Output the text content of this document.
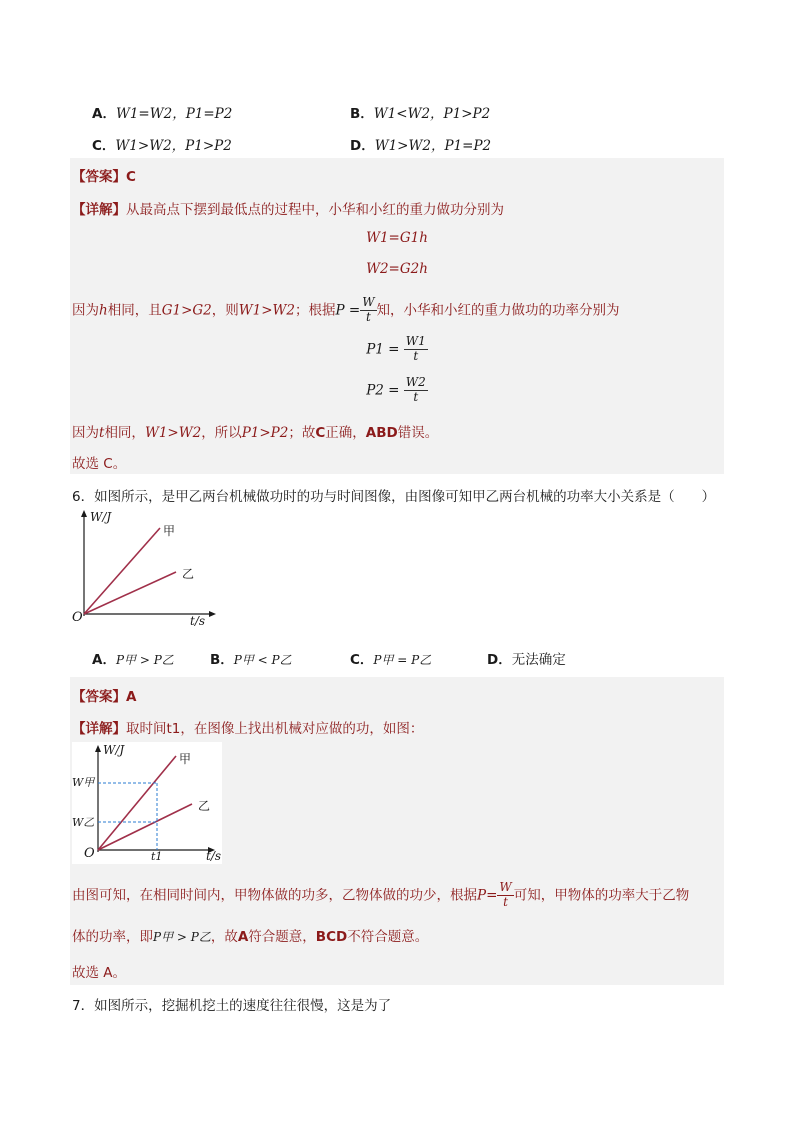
A．W1=W2，P1=P2	B．W1<W2，P1>P2
C．W1>W2，P1>P2	D．W1>W2，P1=P2
【答案】C
【详解】从最高点下摆到最低点的过程中，小华和小红的重力做功分别为
W1=G1h
W2=G2h
因为h相同，且G1>G2，则W1>W2；根据$P = \frac{W}{t}$ 知，小华和小红的重力做功的功率分别为
$P1 = \frac{W1}{t}$
$P2 = \frac{W2}{t}$
因为t相同，W1>W2，所以P1>P2；故C正确，ABD错误。
故选 C。
6．如图所示，是甲乙两台机械做功时的功与时间图像，由图像可知甲乙两台机械的功率大小关系是（　　）
W/J
t/s
O
甲
乙
A．P甲 > P乙	B．P甲 < P乙	C．P甲 = P乙	D．无法确定
【答案】A
【详解】取时间t1，在图像上找出机械对应做的功，如图：
W/J
t/s
O
甲
乙
W甲
W乙
t1
由图可知，在相同时间内，甲物体做的功多，乙物体做的功少，根据$P= \frac{W}{t}$ 可知，甲物体的功率大于乙物
体的功率，即P甲 > P乙，故A符合题意，BCD不符合题意。
故选 A。
7．如图所示，挖掘机挖土的速度往往很慢，这是为了
